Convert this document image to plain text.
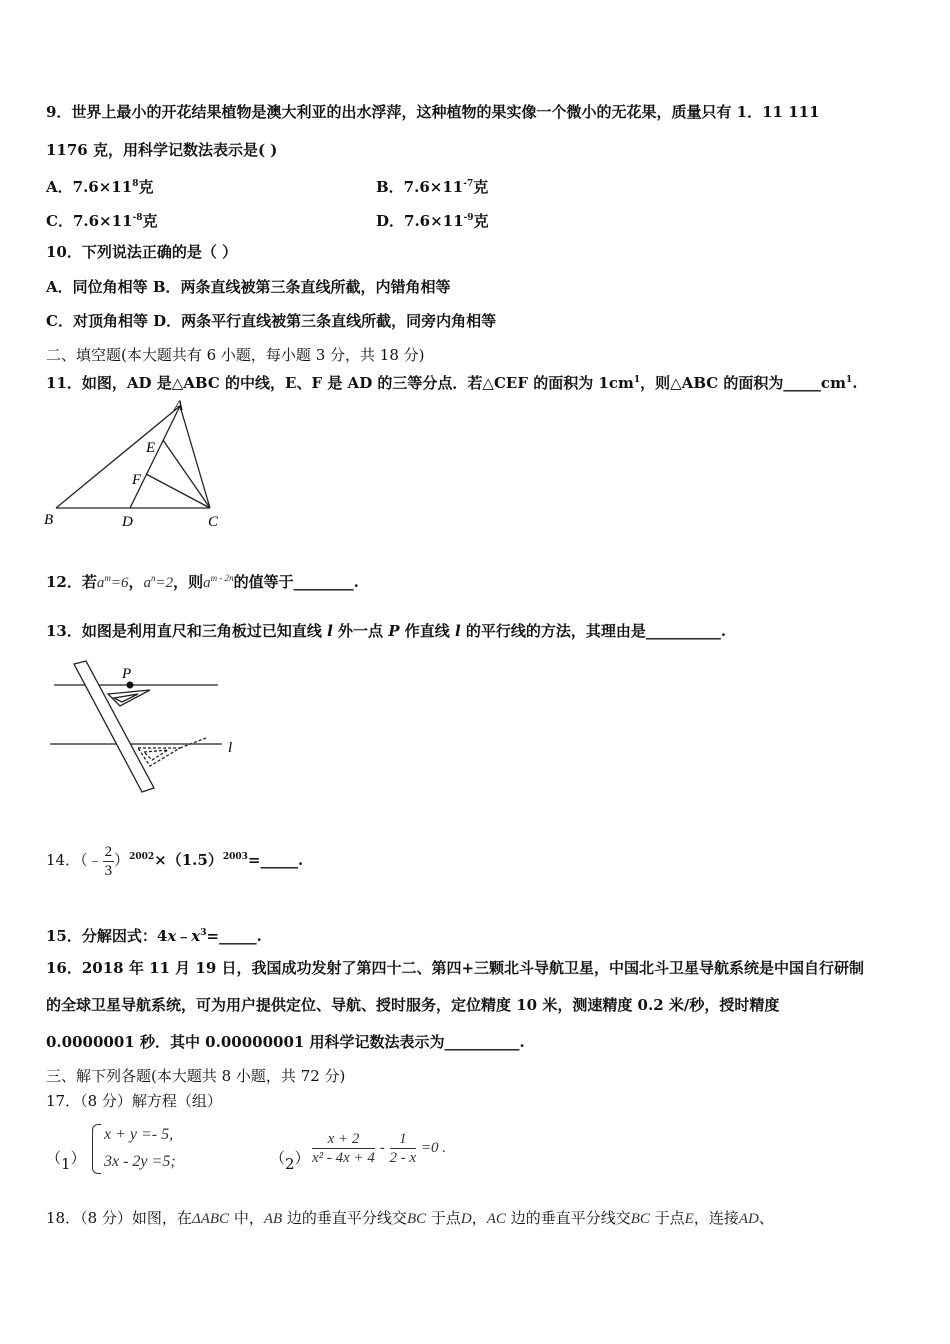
9．世界上最小的开花结果植物是澳大利亚的出水浮萍，这种植物的果实像一个微小的无花果，质量只有 1．11 111
1176 克，用科学记数法表示是( )
A．$7.6\times 11^8$克	B．$7.6\times 11^{-7}$克
C．$7.6\times 11^{-8}$克	D．$7.6\times 11^{-9}$克
10．下列说法正确的是（ ）
A．同位角相等 B．两条直线被第三条直线所截，内错角相等
C．对顶角相等 D．两条平行直线被第三条直线所截，同旁内角相等
二、填空题(本大题共有 6 小题，每小题 3 分，共 18 分)
11．如图，AD 是△ABC 的中线，E、F 是 AD 的三等分点．若△CEF 的面积为 $1cm^1$，则△ABC 的面积为$\_\_\_\_\_cm^1$.
A
E
F
B	D	C
12．若$a^m=6$，$a^n=2$，则$a^{m - 2n}$的值等于________.
13．如图是利用直尺和三角板过已知直线 l 外一点 P 作直线 l 的平行线的方法，其理由是__________.
P
l
14．（﹣ $\frac{2}{3}$ ）$^{2002}\times(1.5)^{2003}=\_\_\_\_\_$.
15．分解因式：$4x﹣x^3=\_\_\_\_\_$.
16．2018 年 11 月 19 日，我国成功发射了第四十二、第四+三颗北斗导航卫星，中国北斗卫星导航系统是中国自行研制
的全球卫星导航系统，可为用户提供定位、导航、授时服务，定位精度 10 米，测速精度 0.2 米/秒，授时精度
0.0000001 秒．其中 0.00000001 用科学记数法表示为__________.
三、解下列各题(本大题共 8 小题，共 72 分)
17．（8 分）解方程（组）
（1）
x + y =- 5,
3x - 2y =5;	$(2) \frac{x + 2}{\text{x² - 4x + 4}} - \frac{1}{2 - x} =0$ .
18．（8 分）如图，在ΔABC 中，AB 边的垂直平分线交BC 于点D，AC 边的垂直平分线交BC 于点E，连接AD、
